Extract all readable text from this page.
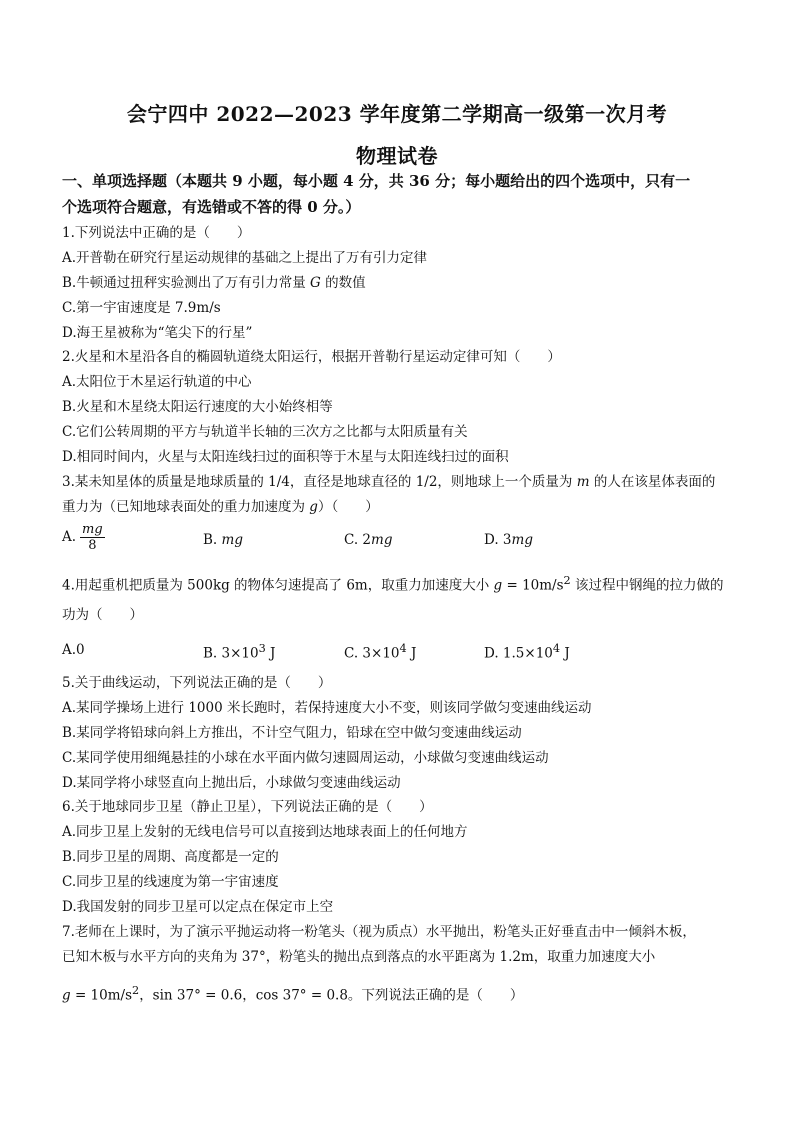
会宁四中 2022—2023 学年度第二学期高一级第一次月考
物理试卷
一、单项选择题（本题共 9 小题，每小题 4 分，共 36 分；每小题给出的四个选项中，只有一
个选项符合题意，有选错或不答的得 0 分。）
1.下列说法中正确的是（　　）
A.开普勒在研究行星运动规律的基础之上提出了万有引力定律
B.牛顿通过扭秤实验测出了万有引力常量 G 的数值
C.第一宇宙速度是 7.9m/s
D.海王星被称为“笔尖下的行星”
2.火星和木星沿各自的椭圆轨道绕太阳运行，根据开普勒行星运动定律可知（　　）
A.太阳位于木星运行轨道的中心
B.火星和木星绕太阳运行速度的大小始终相等
C.它们公转周期的平方与轨道半长轴的三次方之比都与太阳质量有关
D.相同时间内，火星与太阳连线扫过的面积等于木星与太阳连线扫过的面积
3.某未知星体的质量是地球质量的 1/4，直径是地球直径的 1/2，则地球上一个质量为 m 的人在该星体表面的
重力为（已知地球表面处的重力加速度为 g）（　　）
A. $\frac{mg}{8}$	B. mg	C. 2mg	D. 3mg
4.用起重机把质量为 500kg 的物体匀速提高了 6m，取重力加速度大小 $g = 10m/s^2$ 该过程中钢绳的拉力做的
功为（　　）
A.0	B. $3\times 10^3$ J	C. $3\times 10^4$ J	D. $1.5\times 10^4$ J
5.关于曲线运动，下列说法正确的是（　　）
A.某同学操场上进行 1000 米长跑时，若保持速度大小不变，则该同学做匀变速曲线运动
B.某同学将铅球向斜上方推出，不计空气阻力，铅球在空中做匀变速曲线运动
C.某同学使用细绳悬挂的小球在水平面内做匀速圆周运动，小球做匀变速曲线运动
D.某同学将小球竖直向上抛出后，小球做匀变速曲线运动
6.关于地球同步卫星（静止卫星），下列说法正确的是（　　）
A.同步卫星上发射的无线电信号可以直接到达地球表面上的任何地方
B.同步卫星的周期、高度都是一定的
C.同步卫星的线速度为第一宇宙速度
D.我国发射的同步卫星可以定点在保定市上空
7.老师在上课时，为了演示平抛运动将一粉笔头（视为质点）水平抛出，粉笔头正好垂直击中一倾斜木板，
已知木板与水平方向的夹角为 37°，粉笔头的抛出点到落点的水平距离为 1.2m，取重力加速度大小
$g = 10m/s^2$，sin 37° = 0.6，cos 37° = 0.8。下列说法正确的是（　　）
